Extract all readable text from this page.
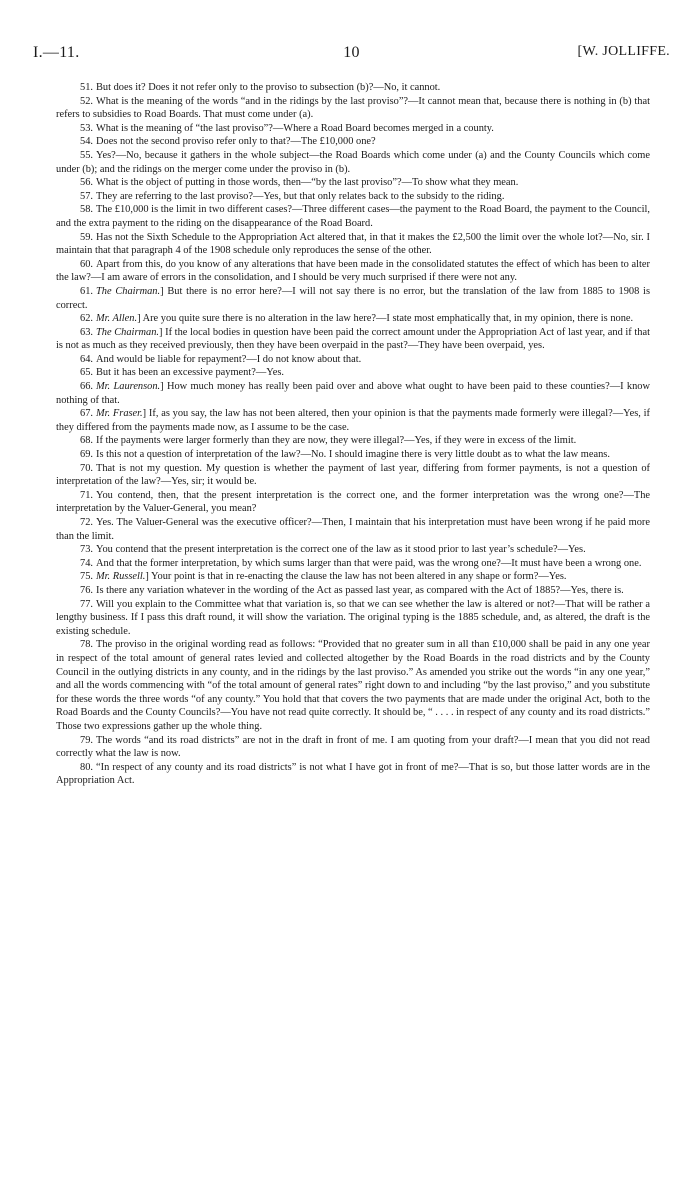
I.—11.	10	[W. JOLLIFFE.

51. But does it? Does it not refer only to the proviso to subsection (b)?—No, it cannot.

52. What is the meaning of the words “and in the ridings by the last proviso”?—It cannot mean that, because there is nothing in (b) that refers to subsidies to Road Boards. That must come under (a).

53. What is the meaning of “the last proviso”?—Where a Road Board becomes merged in a county.

54. Does not the second proviso refer only to that?—The £10,000 one?

55. Yes?—No, because it gathers in the whole subject—the Road Boards which come under (a) and the County Councils which come under (b); and the ridings on the merger come under the proviso in (b).

56. What is the object of putting in those words, then—“by the last proviso”?—To show what they mean.

57. They are referring to the last proviso?—Yes, but that only relates back to the subsidy to the riding.

58. The £10,000 is the limit in two different cases?—Three different cases—the payment to the Road Board, the payment to the Council, and the extra payment to the riding on the disappearance of the Road Board.

59. Has not the Sixth Schedule to the Appropriation Act altered that, in that it makes the £2,500 the limit over the whole lot?—No, sir. I maintain that that paragraph 4 of the 1908 schedule only reproduces the sense of the other.

60. Apart from this, do you know of any alterations that have been made in the consolidated statutes the effect of which has been to alter the law?—I am aware of errors in the consolidation, and I should be very much surprised if there were not any.

61. The Chairman.] But there is no error here?—I will not say there is no error, but the translation of the law from 1885 to 1908 is correct.

62. Mr. Allen.] Are you quite sure there is no alteration in the law here?—I state most emphatically that, in my opinion, there is none.

63. The Chairman.] If the local bodies in question have been paid the correct amount under the Appropriation Act of last year, and if that is not as much as they received previously, then they have been overpaid in the past?—They have been overpaid, yes.

64. And would be liable for repayment?—I do not know about that.

65. But it has been an excessive payment?—Yes.

66. Mr. Laurenson.] How much money has really been paid over and above what ought to have been paid to these counties?—I know nothing of that.

67. Mr. Fraser.] If, as you say, the law has not been altered, then your opinion is that the payments made formerly were illegal?—Yes, if they differed from the payments made now, as I assume to be the case.

68. If the payments were larger formerly than they are now, they were illegal?—Yes, if they were in excess of the limit.

69. Is this not a question of interpretation of the law?—No. I should imagine there is very little doubt as to what the law means.

70. That is not my question. My question is whether the payment of last year, differing from former payments, is not a question of interpretation of the law?—Yes, sir; it would be.

71. You contend, then, that the present interpretation is the correct one, and the former interpretation was the wrong one?—The interpretation by the Valuer-General, you mean?

72. Yes. The Valuer-General was the executive officer?—Then, I maintain that his interpretation must have been wrong if he paid more than the limit.

73. You contend that the present interpretation is the correct one of the law as it stood prior to last year’s schedule?—Yes.

74. And that the former interpretation, by which sums larger than that were paid, was the wrong one?—It must have been a wrong one.

75. Mr. Russell.] Your point is that in re-enacting the clause the law has not been altered in any shape or form?—Yes.

76. Is there any variation whatever in the wording of the Act as passed last year, as compared with the Act of 1885?—Yes, there is.

77. Will you explain to the Committee what that variation is, so that we can see whether the law is altered or not?—That will be rather a lengthy business. If I pass this draft round, it will show the variation. The original typing is the 1885 schedule, and, as altered, the draft is the existing schedule.

78. The proviso in the original wording read as follows: “Provided that no greater sum in all than £10,000 shall be paid in any one year in respect of the total amount of general rates levied and collected altogether by the Road Boards in the road districts and by the County Council in the outlying districts in any county, and in the ridings by the last proviso.” As amended you strike out the words “in any one year,” and all the words commencing with “of the total amount of general rates” right down to and including “by the last proviso,” and you substitute for these words the three words “of any county.” You hold that that covers the two payments that are made under the original Act, both to the Road Boards and the County Councils?—You have not read quite correctly. It should be, “ . . . . in respect of any county and its road districts.” Those two expressions gather up the whole thing.

79. The words “and its road districts” are not in the draft in front of me. I am quoting from your draft?—I mean that you did not read correctly what the law is now.

80. “In respect of any county and its road districts” is not what I have got in front of me?—That is so, but those latter words are in the Appropriation Act.
